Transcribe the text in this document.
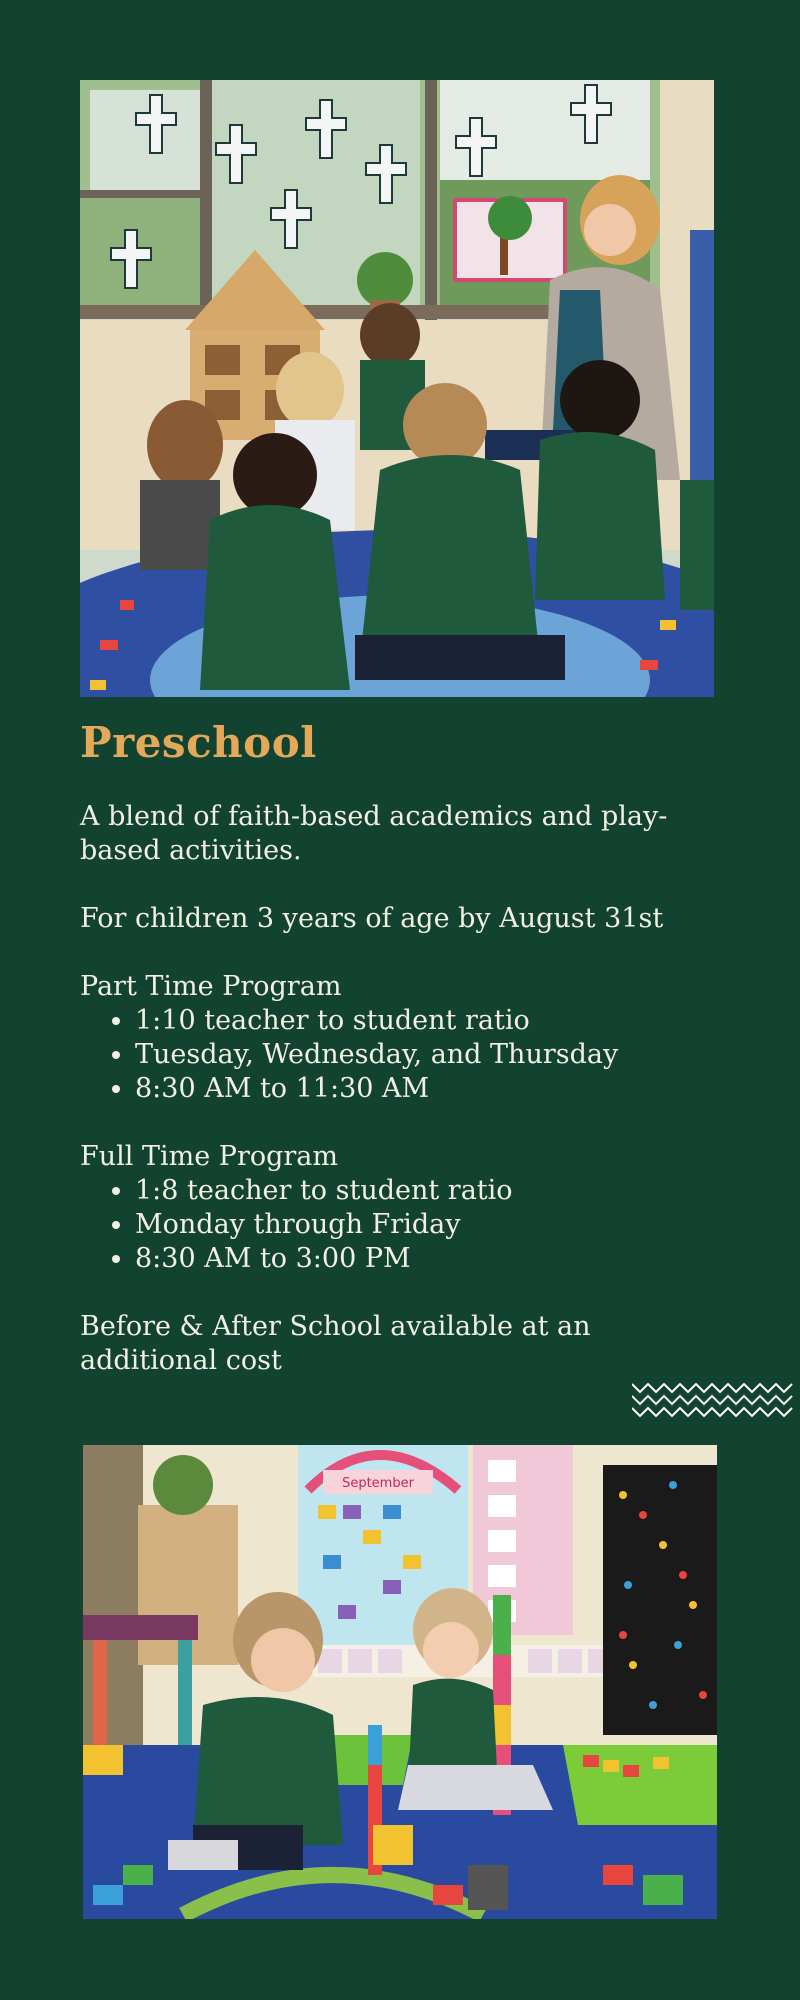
Preschool

A blend of faith-based academics and play-based activities.

For children 3 years of age by August 31st

Part Time Program

• 1:10 teacher to student ratio
• Tuesday, Wednesday, and Thursday
• 8:30 AM to 11:30 AM

Full Time Program

• 1:8 teacher to student ratio
• Monday through Friday
• 8:30 AM to 3:00 PM

Before & After School available at an additional cost

September
